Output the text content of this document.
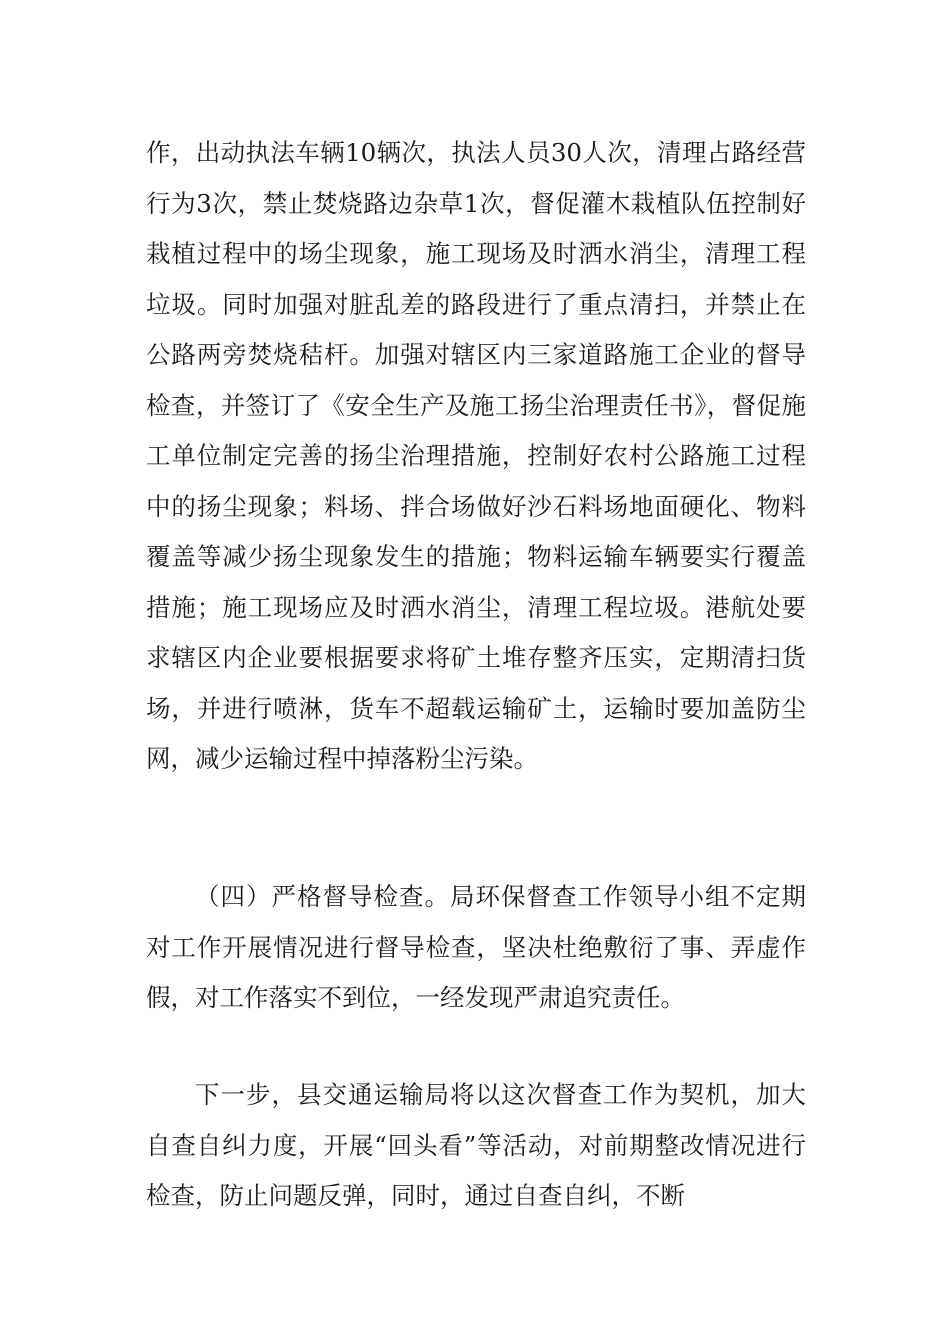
作，出动执法车辆10辆次，执法人员30人次，清理占路经营行为3次，禁止焚烧路边杂草1次，督促灌木栽植队伍控制好栽植过程中的场尘现象，施工现场及时洒水消尘，清理工程垃圾。同时加强对脏乱差的路段进行了重点清扫，并禁止在公路两旁焚烧秸杆。加强对辖区内三家道路施工企业的督导检查，并签订了《安全生产及施工扬尘治理责任书》，督促施工单位制定完善的扬尘治理措施，控制好农村公路施工过程中的扬尘现象；料场、拌合场做好沙石料场地面硬化、物料覆盖等减少扬尘现象发生的措施；物料运输车辆要实行覆盖措施；施工现场应及时洒水消尘，清理工程垃圾。港航处要求辖区内企业要根据要求将矿土堆存整齐压实，定期清扫货场，并进行喷淋，货车不超载运输矿土，运输时要加盖防尘网，减少运输过程中掉落粉尘污染。

（四）严格督导检查。局环保督查工作领导小组不定期对工作开展情况进行督导检查，坚决杜绝敷衍了事、弄虚作假，对工作落实不到位，一经发现严肃追究责任。

下一步，县交通运输局将以这次督查工作为契机，加大自查自纠力度，开展“回头看”等活动，对前期整改情况进行检查，防止问题反弹，同时，通过自查自纠，不断
